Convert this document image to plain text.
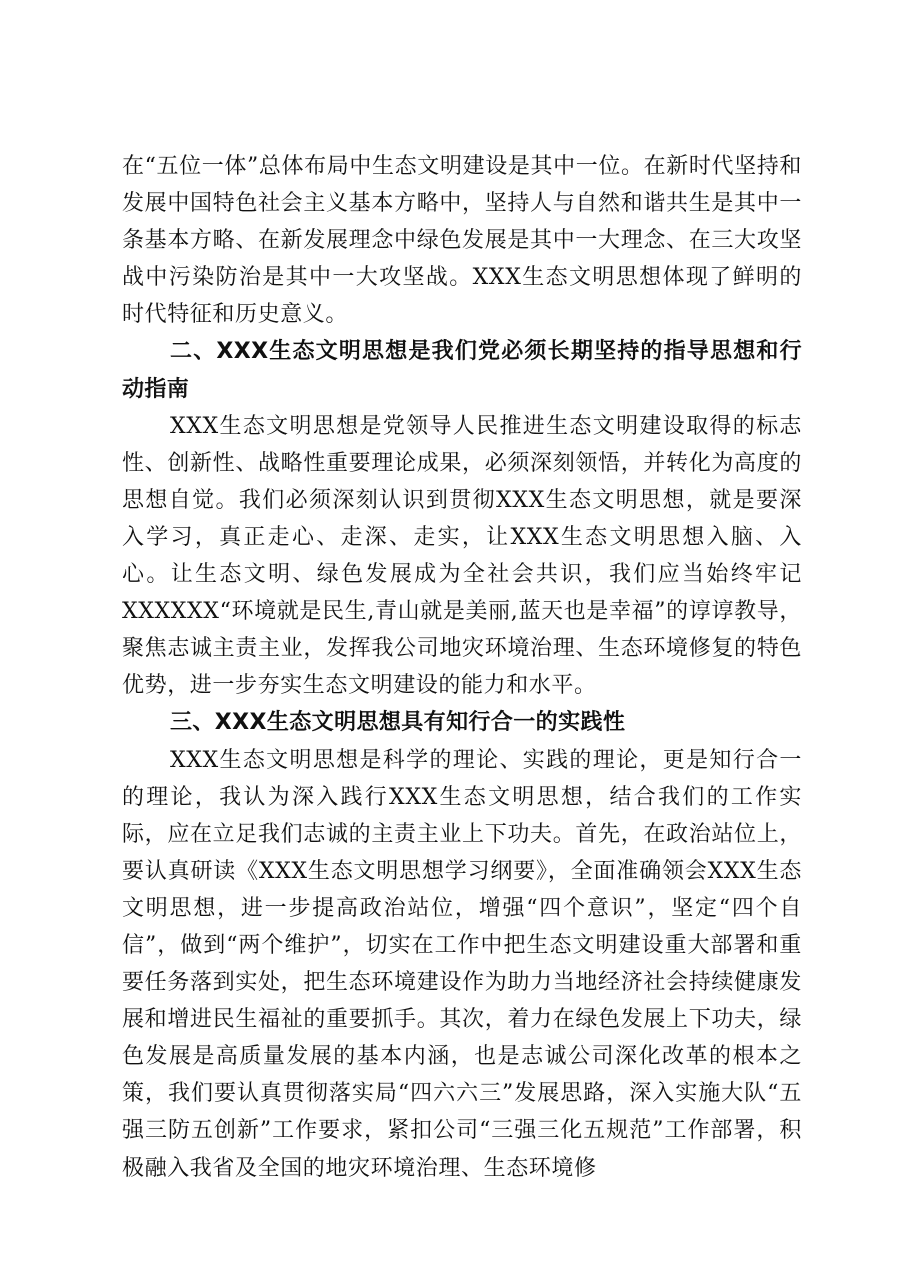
在“五位一体”总体布局中生态文明建设是其中一位。在新时代坚持和发展中国特色社会主义基本方略中，坚持人与自然和谐共生是其中一条基本方略、在新发展理念中绿色发展是其中一大理念、在三大攻坚战中污染防治是其中一大攻坚战。XXX生态文明思想体现了鲜明的时代特征和历史意义。

二、XXX生态文明思想是我们党必须长期坚持的指导思想和行动指南

XXX生态文明思想是党领导人民推进生态文明建设取得的标志性、创新性、战略性重要理论成果，必须深刻领悟，并转化为高度的思想自觉。我们必须深刻认识到贯彻XXX生态文明思想，就是要深入学习，真正走心、走深、走实，让XXX生态文明思想入脑、入心。让生态文明、绿色发展成为全社会共识，我们应当始终牢记XXXXXX“环境就是民生,青山就是美丽,蓝天也是幸福”的谆谆教导，聚焦志诚主责主业，发挥我公司地灾环境治理、生态环境修复的特色优势，进一步夯实生态文明建设的能力和水平。

三、XXX生态文明思想具有知行合一的实践性

XXX生态文明思想是科学的理论、实践的理论，更是知行合一的理论，我认为深入践行XXX生态文明思想，结合我们的工作实际，应在立足我们志诚的主责主业上下功夫。首先，在政治站位上，要认真研读《XXX生态文明思想学习纲要》，全面准确领会XXX生态文明思想，进一步提高政治站位，增强“四个意识”，坚定“四个自信”，做到“两个维护”，切实在工作中把生态文明建设重大部署和重要任务落到实处，把生态环境建设作为助力当地经济社会持续健康发展和增进民生福祉的重要抓手。其次，着力在绿色发展上下功夫，绿色发展是高质量发展的基本内涵，也是志诚公司深化改革的根本之策，我们要认真贯彻落实局“四六六三”发展思路，深入实施大队“五强三防五创新”工作要求，紧扣公司“三强三化五规范”工作部署，积极融入我省及全国的地灾环境治理、生态环境修
